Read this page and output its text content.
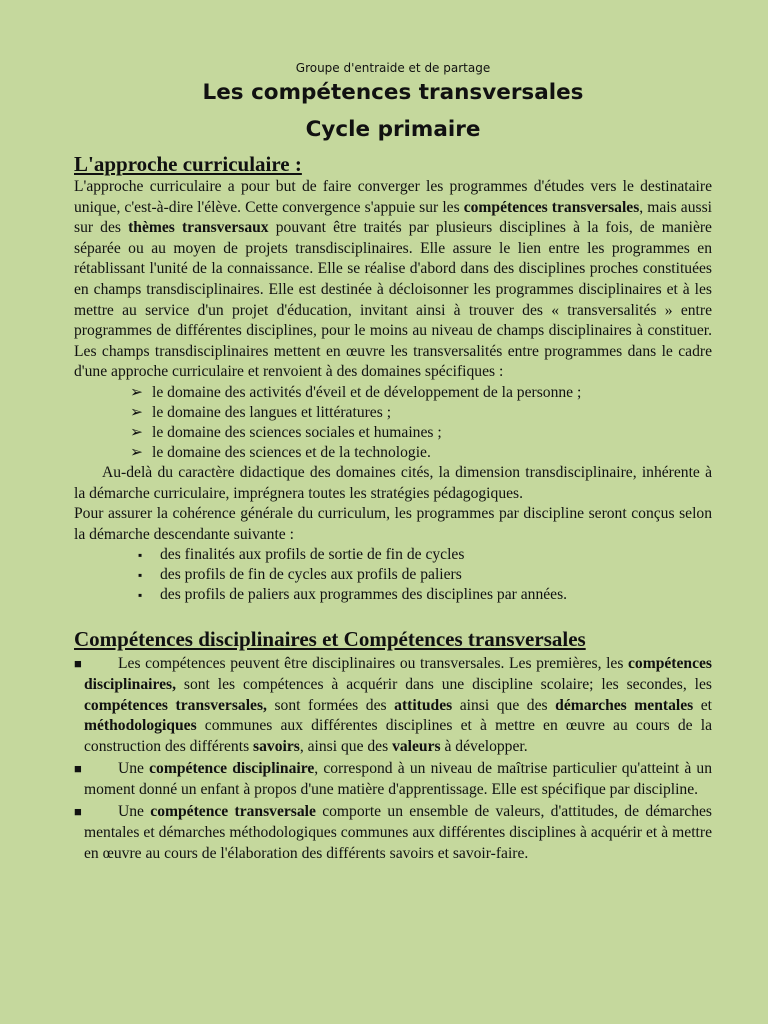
Groupe d'entraide et de partage

Les compétences transversales
Cycle primaire
L'approche curriculaire :

L'approche curriculaire a pour but de faire converger les programmes d'études vers le destinataire unique, c'est-à-dire l'élève. Cette convergence s'appuie sur les compétences transversales, mais aussi sur des thèmes transversaux pouvant être traités par plusieurs disciplines à la fois, de manière séparée ou au moyen de projets transdisciplinaires. Elle assure le lien entre les programmes en rétablissant l'unité de la connaissance. Elle se réalise d'abord dans des disciplines proches constituées en champs transdisciplinaires. Elle est destinée à décloisonner les programmes disciplinaires et à les mettre au service d'un projet d'éducation, invitant ainsi à trouver des « transversalités » entre programmes de différentes disciplines, pour le moins au niveau de champs disciplinaires à constituer. Les champs transdisciplinaires mettent en œuvre les transversalités entre programmes dans le cadre d'une approche curriculaire et renvoient à des domaines spécifiques :

➢ le domaine des activités d'éveil et de développement de la personne ;
➢ le domaine des langues et littératures ;
➢ le domaine des sciences sociales et humaines ;
➢ le domaine des sciences et de la technologie.

Au-delà du caractère didactique des domaines cités, la dimension transdisciplinaire, inhérente à la démarche curriculaire, imprégnera toutes les stratégies pédagogiques.

Pour assurer la cohérence générale du curriculum, les programmes par discipline seront conçus selon la démarche descendante suivante :

▪ des finalités aux profils de sortie de fin de cycles
▪ des profils de fin de cycles aux profils de paliers
▪ des profils de paliers aux programmes des disciplines par années.
Compétences disciplinaires et Compétences transversales
■	Les compétences peuvent être disciplinaires ou transversales. Les premières, les compétences disciplinaires, sont les compétences à acquérir dans une discipline scolaire; les secondes, les compétences transversales, sont formées des attitudes ainsi que des démarches mentales et méthodologiques communes aux différentes disciplines et à mettre en œuvre au cours de la construction des différents savoirs, ainsi que des valeurs à développer.

■	Une compétence disciplinaire, correspond à un niveau de maîtrise particulier qu'atteint à un moment donné un enfant à propos d'une matière d'apprentissage. Elle est spécifique par discipline.

■	Une compétence transversale comporte un ensemble de valeurs, d'attitudes, de démarches mentales et démarches méthodologiques communes aux différentes disciplines à acquérir et à mettre en œuvre au cours de l'élaboration des différents savoirs et savoir-faire.
